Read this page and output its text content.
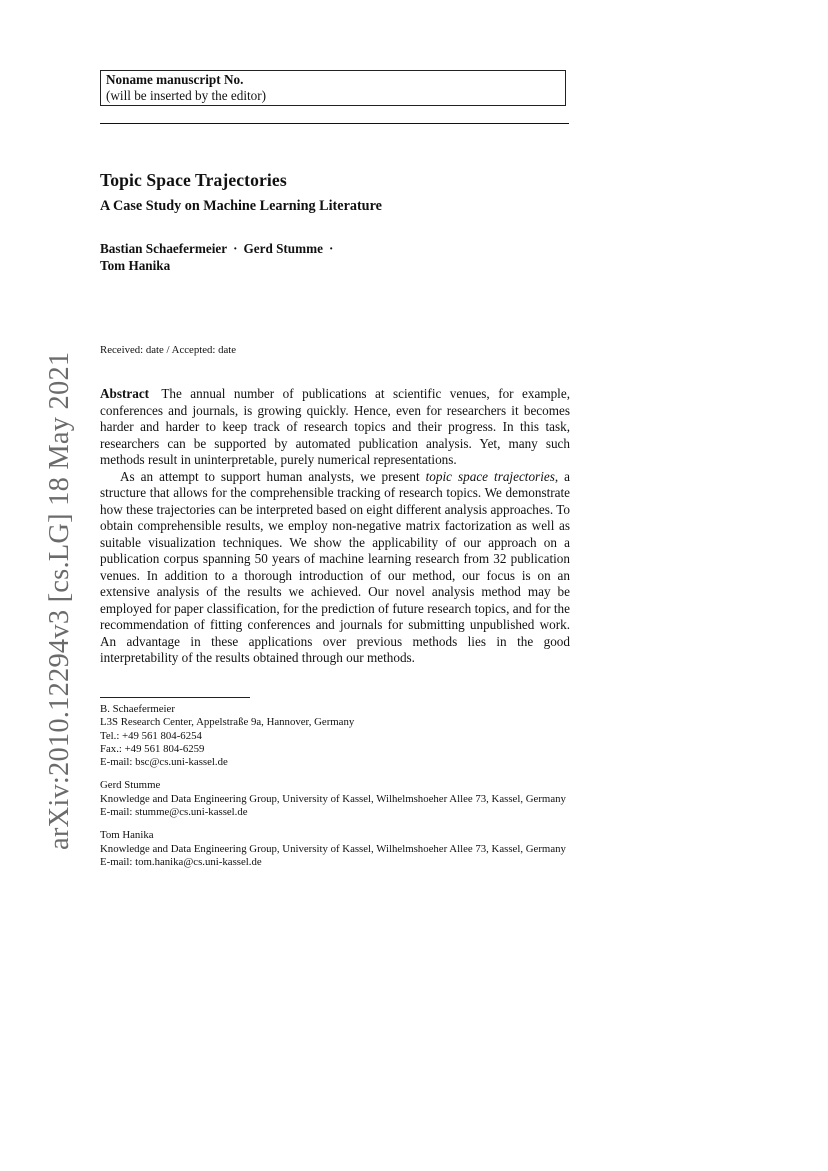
arXiv:2010.12294v3 [cs.LG] 18 May 2021
Noname manuscript No.
(will be inserted by the editor)
Topic Space Trajectories
A Case Study on Machine Learning Literature
Bastian Schaefermeier · Gerd Stumme ·
Tom Hanika
Received: date / Accepted: date

Abstract The annual number of publications at scientific venues, for example, conferences and journals, is growing quickly. Hence, even for researchers it becomes harder and harder to keep track of research topics and their progress. In this task, researchers can be supported by automated publication analysis. Yet, many such methods result in uninterpretable, purely numerical representations.

As an attempt to support human analysts, we present topic space trajectories, a structure that allows for the comprehensible tracking of research topics. We demonstrate how these trajectories can be interpreted based on eight different analysis approaches. To obtain comprehensible results, we employ non-negative matrix factorization as well as suitable visualization techniques. We show the applicability of our approach on a publication corpus spanning 50 years of machine learning research from 32 publication venues. In addition to a thorough introduction of our method, our focus is on an extensive analysis of the results we achieved. Our novel analysis method may be employed for paper classification, for the prediction of future research topics, and for the recommendation of fitting conferences and journals for submitting unpublished work. An advantage in these applications over previous methods lies in the good interpretability of the results obtained through our methods.

B. Schaefermeier
L3S Research Center, Appelstraße 9a, Hannover, Germany
Tel.: +49 561 804-6254
Fax.: +49 561 804-6259
E-mail: bsc@cs.uni-kassel.de
Gerd Stumme
Knowledge and Data Engineering Group, University of Kassel, Wilhelmshoeher Allee 73, Kassel, Germany
E-mail: stumme@cs.uni-kassel.de
Tom Hanika
Knowledge and Data Engineering Group, University of Kassel, Wilhelmshoeher Allee 73, Kassel, Germany
E-mail: tom.hanika@cs.uni-kassel.de
